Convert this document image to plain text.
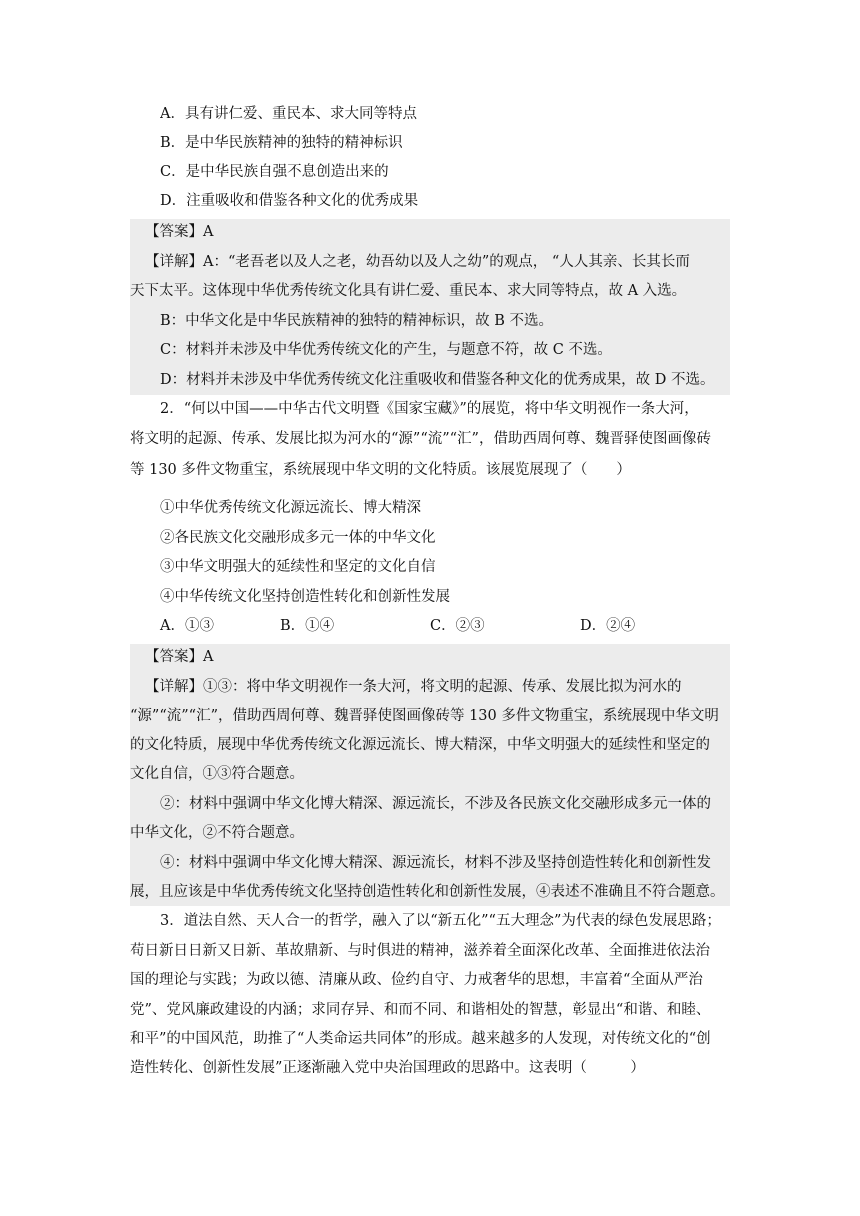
A．具有讲仁爱、重民本、求大同等特点
B．是中华民族精神的独特的精神标识
C．是中华民族自强不息创造出来的
D．注重吸收和借鉴各种文化的优秀成果
【答案】A
【详解】A：“老吾老以及人之老，幼吾幼以及人之幼”的观点， “人人其亲、长其长而
天下太平。这体现中华优秀传统文化具有讲仁爱、重民本、求大同等特点，故 A 入选。
B：中华文化是中华民族精神的独特的精神标识，故 B 不选。
C：材料并未涉及中华优秀传统文化的产生，与题意不符，故 C 不选。
D：材料并未涉及中华优秀传统文化注重吸收和借鉴各种文化的优秀成果，故 D 不选。
2．“何以中国——中华古代文明暨《国家宝藏》”的展览，将中华文明视作一条大河，
将文明的起源、传承、发展比拟为河水的“源”“流”“汇”，借助西周何尊、魏晋驿使图画像砖
等 130 多件文物重宝，系统展现中华文明的文化特质。该展览展现了（　　）
①中华优秀传统文化源远流长、博大精深
②各民族文化交融形成多元一体的中华文化
③中华文明强大的延续性和坚定的文化自信
④中华传统文化坚持创造性转化和创新性发展
A．①③	B．①④	C．②③	D．②④
【答案】A
【详解】①③：将中华文明视作一条大河，将文明的起源、传承、发展比拟为河水的
“源”“流”“汇”，借助西周何尊、魏晋驿使图画像砖等 130 多件文物重宝，系统展现中华文明
的文化特质，展现中华优秀传统文化源远流长、博大精深，中华文明强大的延续性和坚定的
文化自信，①③符合题意。
②：材料中强调中华文化博大精深、源远流长，不涉及各民族文化交融形成多元一体的
中华文化，②不符合题意。
④：材料中强调中华文化博大精深、源远流长，材料不涉及坚持创造性转化和创新性发
展，且应该是中华优秀传统文化坚持创造性转化和创新性发展，④表述不准确且不符合题意。
3．道法自然、天人合一的哲学，融入了以“新五化”“五大理念”为代表的绿色发展思路；
苟日新日日新又日新、革故鼎新、与时俱进的精神，滋养着全面深化改革、全面推进依法治
国的理论与实践；为政以德、清廉从政、俭约自守、力戒奢华的思想，丰富着“全面从严治
党”、党风廉政建设的内涵；求同存异、和而不同、和谐相处的智慧，彰显出“和谐、和睦、
和平”的中国风范，助推了“人类命运共同体”的形成。越来越多的人发现，对传统文化的“创
造性转化、创新性发展”正逐渐融入党中央治国理政的思路中。这表明（　　　）
